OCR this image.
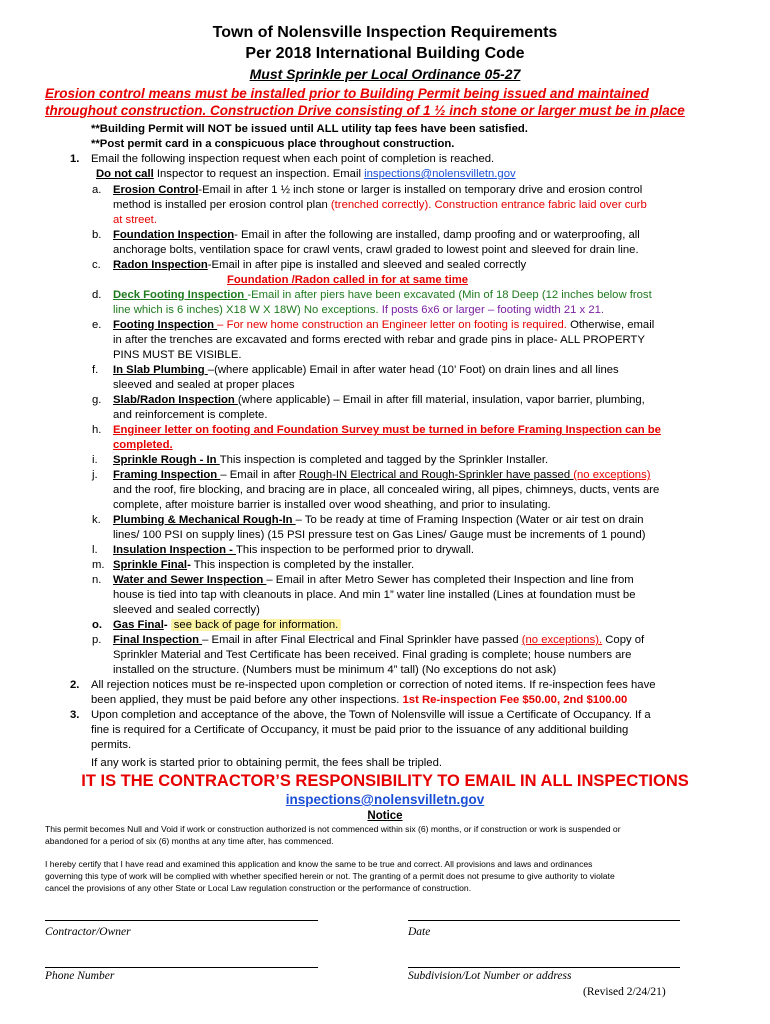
Town of Nolensville Inspection Requirements
Per 2018 International Building Code
Must Sprinkle per Local Ordinance 05-27
Erosion control means must be installed prior to Building Permit being issued and maintained
throughout construction. Construction Drive consisting of 1 ½ inch stone or larger must be in place
**Building Permit will NOT be issued until ALL utility tap fees have been satisfied.
**Post permit card in a conspicuous place throughout construction.
1. Email the following inspection request when each point of completion is reached.
Do not call Inspector to request an inspection. Email inspections@nolensvilletn.gov
a. Erosion Control-Email in after 1 ½ inch stone or larger is installed on temporary drive and erosion control
method is installed per erosion control plan (trenched correctly). Construction entrance fabric laid over curb
at street.
b. Foundation Inspection- Email in after the following are installed, damp proofing and or waterproofing, all
anchorage bolts, ventilation space for crawl vents, crawl graded to lowest point and sleeved for drain line.
c. Radon Inspection-Email in after pipe is installed and sleeved and sealed correctly
Foundation /Radon called in for at same time
d. Deck Footing Inspection -Email in after piers have been excavated (Min of 18 Deep (12 inches below frost
line which is 6 inches) X18 W X 18W) No exceptions. If posts 6x6 or larger – footing width 21 x 21.
e. Footing Inspection – For new home construction an Engineer letter on footing is required. Otherwise, email
in after the trenches are excavated and forms erected with rebar and grade pins in place- ALL PROPERTY
PINS MUST BE VISIBLE.
f. In Slab Plumbing –(where applicable) Email in after water head (10’ Foot) on drain lines and all lines
sleeved and sealed at proper places
g. Slab/Radon Inspection (where applicable) – Email in after fill material, insulation, vapor barrier, plumbing,
and reinforcement is complete.
h. Engineer letter on footing and Foundation Survey must be turned in before Framing Inspection can be
completed.
i. Sprinkle Rough - In This inspection is completed and tagged by the Sprinkler Installer.
j. Framing Inspection – Email in after Rough-IN Electrical and Rough-Sprinkler have passed (no exceptions)
and the roof, fire blocking, and bracing are in place, all concealed wiring, all pipes, chimneys, ducts, vents are
complete, after moisture barrier is installed over wood sheathing, and prior to insulating.
k. Plumbing & Mechanical Rough-In – To be ready at time of Framing Inspection (Water or air test on drain
lines/ 100 PSI on supply lines) (15 PSI pressure test on Gas Lines/ Gauge must be increments of 1 pound)
l. Insulation Inspection - This inspection to be performed prior to drywall.
m. Sprinkle Final- This inspection is completed by the installer.
n. Water and Sewer Inspection – Email in after Metro Sewer has completed their Inspection and line from
house is tied into tap with cleanouts in place. And min 1” water line installed (Lines at foundation must be
sleeved and sealed correctly)
o. Gas Final- see back of page for information.
p. Final Inspection – Email in after Final Electrical and Final Sprinkler have passed (no exceptions). Copy of
Sprinkler Material and Test Certificate has been received. Final grading is complete; house numbers are
installed on the structure. (Numbers must be minimum 4” tall) (No exceptions do not ask)
2. All rejection notices must be re-inspected upon completion or correction of noted items. If re-inspection fees have
been applied, they must be paid before any other inspections. 1st Re-inspection Fee $50.00, 2nd $100.00
3. Upon completion and acceptance of the above, the Town of Nolensville will issue a Certificate of Occupancy. If a
fine is required for a Certificate of Occupancy, it must be paid prior to the issuance of any additional building
permits.
If any work is started prior to obtaining permit, the fees shall be tripled.
IT IS THE CONTRACTOR’S RESPONSIBILITY TO EMAIL IN ALL INSPECTIONS
inspections@nolensvilletn.gov
Notice
This permit becomes Null and Void if work or construction authorized is not commenced within six (6) months, or if construction or work is suspended or
abandoned for a period of six (6) months at any time after, has commenced.
I hereby certify that I have read and examined this application and know the same to be true and correct. All provisions and laws and ordinances
governing this type of work will be complied with whether specified herein or not. The granting of a permit does not presume to give authority to violate
cancel the provisions of any other State or Local Law regulation construction or the performance of construction.
Contractor/Owner	Date
Phone Number	Subdivision/Lot Number or address
(Revised 2/24/21)
